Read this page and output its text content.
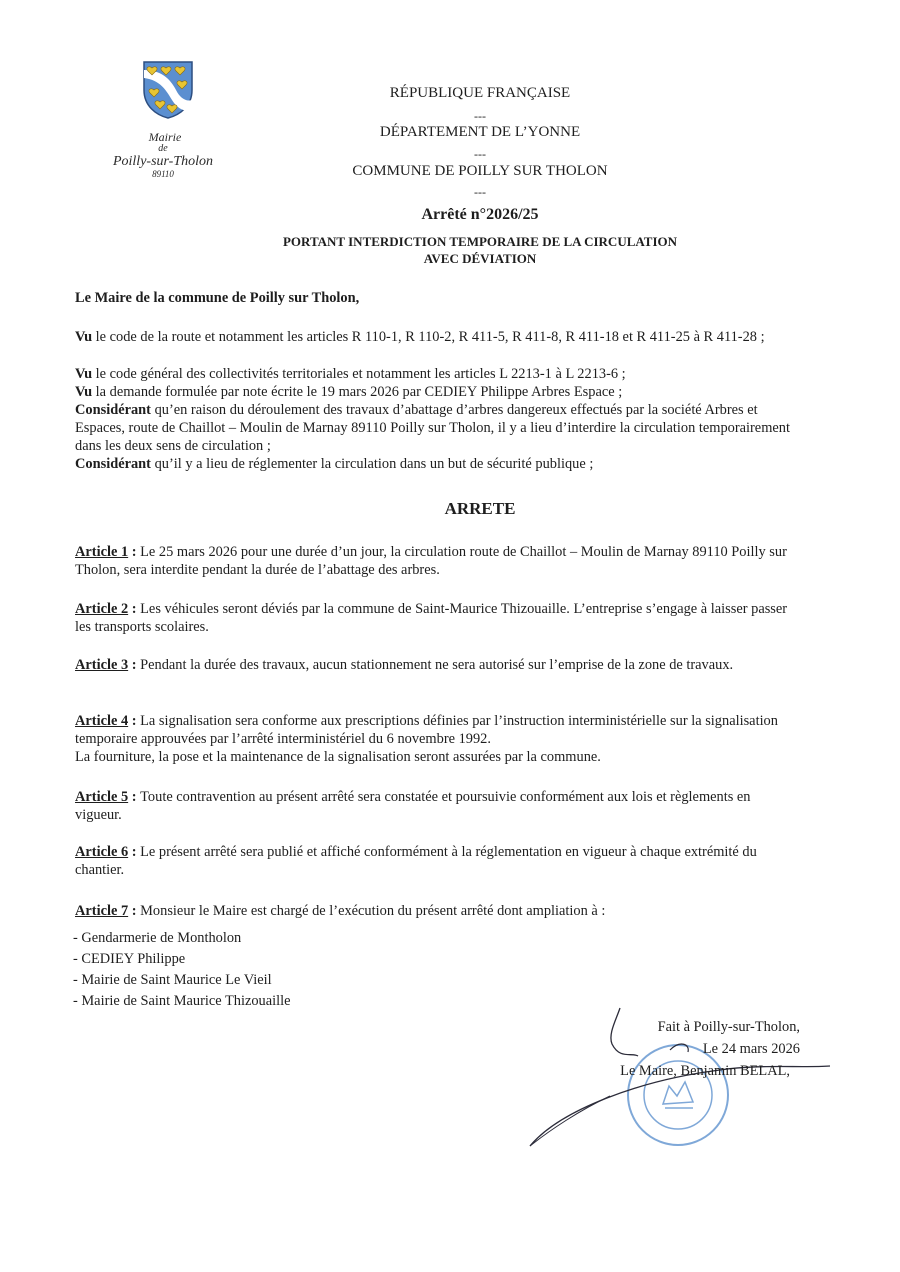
Mairie
de
Poilly-sur-Tholon
89110
RÉPUBLIQUE FRANÇAISE
---
DÉPARTEMENT DE L’YONNE
---
COMMUNE DE POILLY SUR THOLON
---
Arrêté n°2026/25
PORTANT INTERDICTION TEMPORAIRE DE LA CIRCULATION
AVEC DÉVIATION
Le Maire de la commune de Poilly sur Tholon,
Vu le code de la route et notamment les articles R 110-1, R 110-2, R 411-5, R 411-8, R 411-18 et R 411-25 à R 411-28 ;
Vu le code général des collectivités territoriales et notamment les articles L 2213-1 à L 2213-6 ;
Vu la demande formulée par note écrite le 19 mars 2026 par CEDIEY Philippe Arbres Espace ;
Considérant qu’en raison du déroulement des travaux d’abattage d’arbres dangereux effectués par la société Arbres et Espaces, route de Chaillot – Moulin de Marnay 89110 Poilly sur Tholon, il y a lieu d’interdire la circulation temporairement dans les deux sens de circulation ;
Considérant qu’il y a lieu de réglementer la circulation dans un but de sécurité publique ;
ARRETE
Article 1 : Le 25 mars 2026 pour une durée d’un jour, la circulation route de Chaillot – Moulin de Marnay 89110 Poilly sur Tholon, sera interdite pendant la durée de l’abattage des arbres.
Article 2 : Les véhicules seront déviés par la commune de Saint-Maurice Thizouaille. L’entreprise s’engage à laisser passer les transports scolaires.
Article 3 : Pendant la durée des travaux, aucun stationnement ne sera autorisé sur l’emprise de la zone de travaux.
Article 4 : La signalisation sera conforme aux prescriptions définies par l’instruction interministérielle sur la signalisation temporaire approuvées par l’arrêté interministériel du 6 novembre 1992.
La fourniture, la pose et la maintenance de la signalisation seront assurées par la commune.
Article 5 : Toute contravention au présent arrêté sera constatée et poursuivie conformément aux lois et règlements en vigueur.
Article 6 : Le présent arrêté sera publié et affiché conformément à la réglementation en vigueur à chaque extrémité du chantier.
Article 7 : Monsieur le Maire est chargé de l’exécution du présent arrêté dont ampliation à :
- Gendarmerie de Montholon
- CEDIEY Philippe
- Mairie de Saint Maurice Le Vieil
- Mairie de Saint Maurice Thizouaille
Fait à Poilly-sur-Tholon,
Le 24 mars 2026
Le Maire, Benjamin BELAL,
